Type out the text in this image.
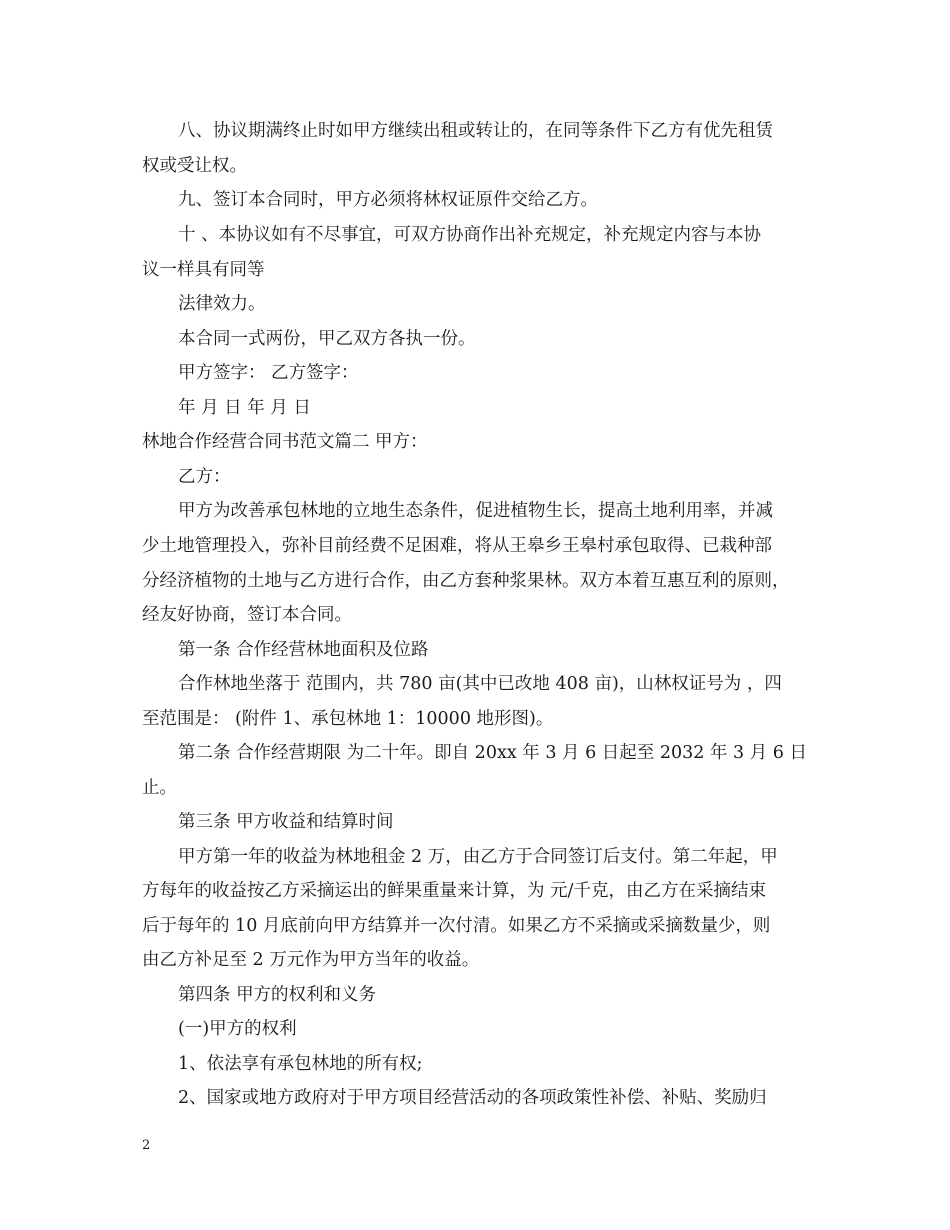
八、协议期满终止时如甲方继续出租或转让的，在同等条件下乙方有优先租赁
权或受让权。
九、签订本合同时，甲方必须将林权证原件交给乙方。
十 、本协议如有不尽事宜，可双方协商作出补充规定，补充规定内容与本协
议一样具有同等
法律效力。
本合同一式两份，甲乙双方各执一份。
甲方签字： 乙方签字：
年 月 日 年 月 日
林地合作经营合同书范文篇二 甲方：
乙方：
甲方为改善承包林地的立地生态条件，促进植物生长，提高土地利用率，并减
少土地管理投入，弥补目前经费不足困难，将从王皋乡王皋村承包取得、已栽种部
分经济植物的土地与乙方进行合作，由乙方套种浆果林。双方本着互惠互利的原则，
经友好协商，签订本合同。
第一条 合作经营林地面积及位路
合作林地坐落于 范围内，共 780 亩(其中已改地 408 亩)，山林权证号为 ，四
至范围是： (附件 1、承包林地 1：10000 地形图)。
第二条 合作经营期限 为二十年。即自 20xx 年 3 月 6 日起至 2032 年 3 月 6 日
止。
第三条 甲方收益和结算时间
甲方第一年的收益为林地租金 2 万，由乙方于合同签订后支付。第二年起，甲
方每年的收益按乙方采摘运出的鲜果重量来计算，为 元/千克，由乙方在采摘结束
后于每年的 10 月底前向甲方结算并一次付清。如果乙方不采摘或采摘数量少，则
由乙方补足至 2 万元作为甲方当年的收益。
第四条 甲方的权利和义务
(一)甲方的权利
1、依法享有承包林地的所有权;
2、国家或地方政府对于甲方项目经营活动的各项政策性补偿、补贴、奖励归
2
